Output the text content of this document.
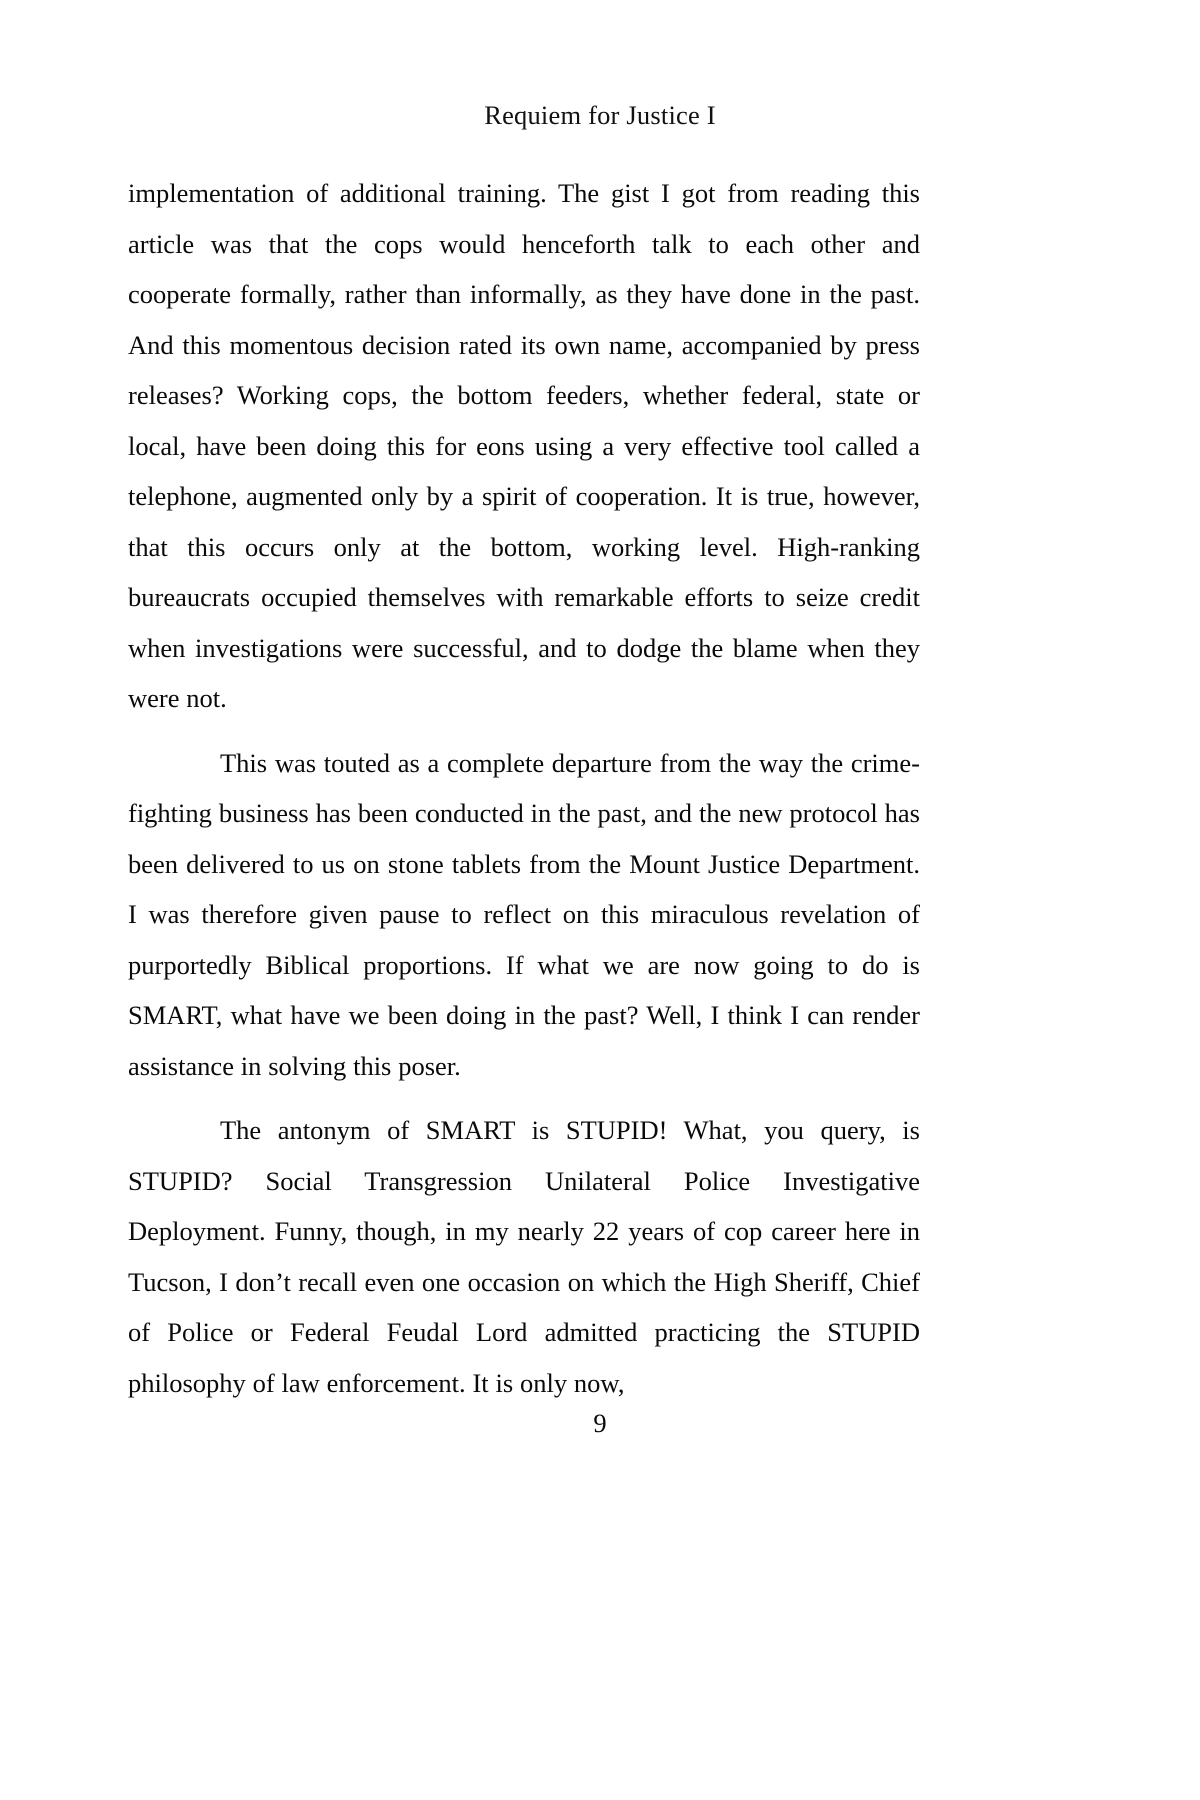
Requiem for Justice I

implementation of additional training. The gist I got from reading this article was that the cops would henceforth talk to each other and cooperate formally, rather than informally, as they have done in the past. And this momentous decision rated its own name, accompanied by press releases? Working cops, the bottom feeders, whether federal, state or local, have been doing this for eons using a very effective tool called a telephone, augmented only by a spirit of cooperation. It is true, however, that this occurs only at the bottom, working level. High-ranking bureaucrats occupied themselves with remarkable efforts to seize credit when investigations were successful, and to dodge the blame when they were not.

This was touted as a complete departure from the way the crime-fighting business has been conducted in the past, and the new protocol has been delivered to us on stone tablets from the Mount Justice Department. I was therefore given pause to reflect on this miraculous revelation of purportedly Biblical proportions. If what we are now going to do is SMART, what have we been doing in the past? Well, I think I can render assistance in solving this poser.

The antonym of SMART is STUPID! What, you query, is STUPID? Social Transgression Unilateral Police Investigative Deployment. Funny, though, in my nearly 22 years of cop career here in Tucson, I don’t recall even one occasion on which the High Sheriff, Chief of Police or Federal Feudal Lord admitted practicing the STUPID philosophy of law enforcement. It is only now,

9
